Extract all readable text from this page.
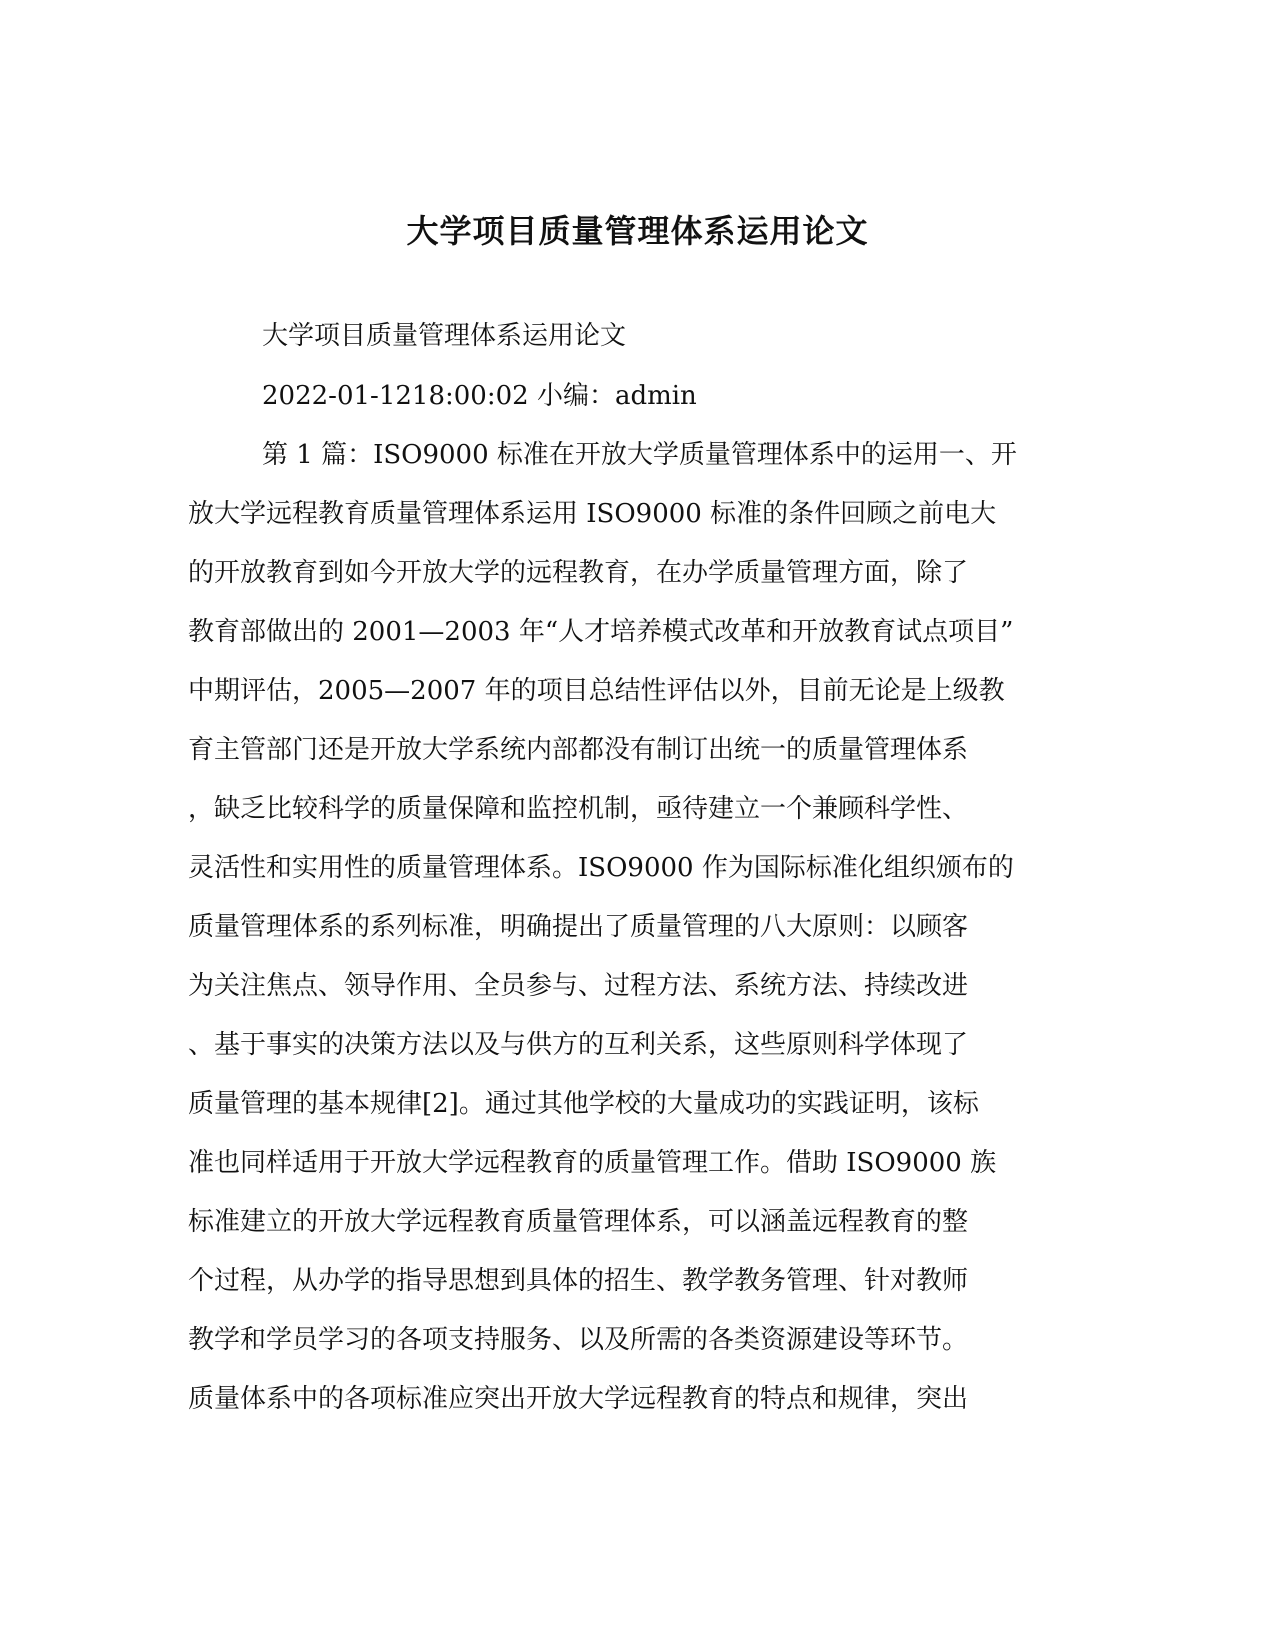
大学项目质量管理体系运用论文
大学项目质量管理体系运用论文
2022-01-1218:00:02 小编：admin
第 1 篇：ISO9000 标准在开放大学质量管理体系中的运用一、开
放大学远程教育质量管理体系运用 ISO9000 标准的条件回顾之前电大
的开放教育到如今开放大学的远程教育，在办学质量管理方面，除了
教育部做出的 2001—2003 年“人才培养模式改革和开放教育试点项目”
中期评估，2005—2007 年的项目总结性评估以外，目前无论是上级教
育主管部门还是开放大学系统内部都没有制订出统一的质量管理体系
，缺乏比较科学的质量保障和监控机制，亟待建立一个兼顾科学性、
灵活性和实用性的质量管理体系。ISO9000 作为国际标准化组织颁布的
质量管理体系的系列标准，明确提出了质量管理的八大原则：以顾客
为关注焦点、领导作用、全员参与、过程方法、系统方法、持续改进
、基于事实的决策方法以及与供方的互利关系，这些原则科学体现了
质量管理的基本规律[2]。通过其他学校的大量成功的实践证明，该标
准也同样适用于开放大学远程教育的质量管理工作。借助 ISO9000 族
标准建立的开放大学远程教育质量管理体系，可以涵盖远程教育的整
个过程，从办学的指导思想到具体的招生、教学教务管理、针对教师
教学和学员学习的各项支持服务、以及所需的各类资源建设等环节。
质量体系中的各项标准应突出开放大学远程教育的特点和规律，突出
